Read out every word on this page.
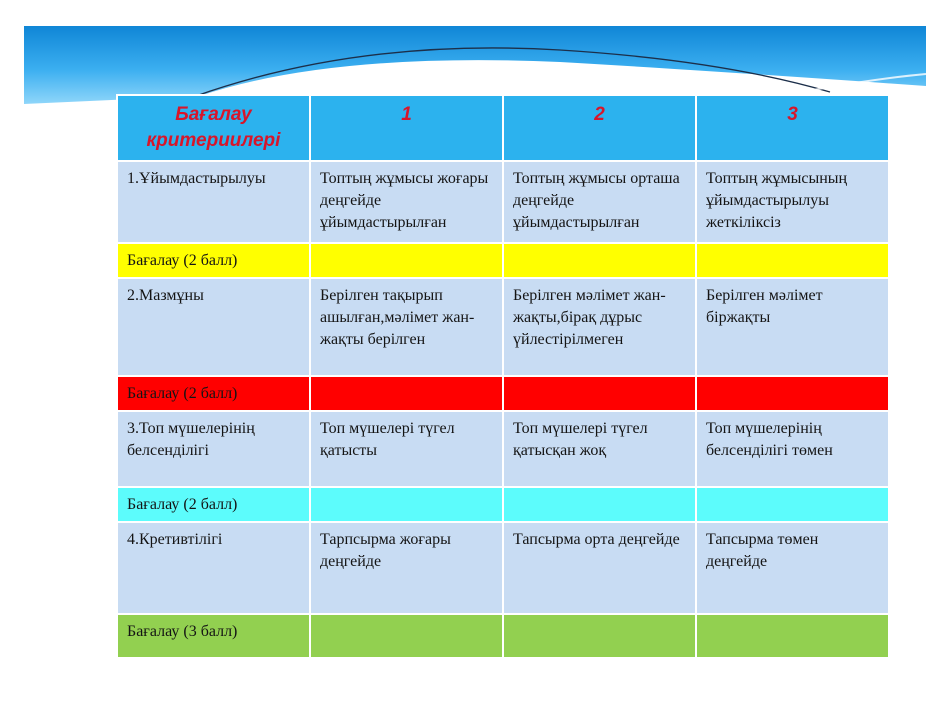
Бағалау критериилері	1	2	3
1.Ұйымдастырылуы	Топтың жұмысы жоғары деңгейде ұйымдастырылған	Топтың жұмысы орташа деңгейде ұйымдастырылған	Топтың жұмысының ұйымдастырылуы жеткіліксіз
Бағалау (2 балл)			
2.Мазмұны	Берілген тақырып ашылған,мәлімет жан-жақты берілген	Берілген мәлімет жан-жақты,бірақ дұрыс үйлестірілмеген	Берілген мәлімет біржақты
Бағалау (2 балл)			
3.Топ мүшелерінің белсенділігі	Топ мүшелері түгел қатысты	Топ мүшелері түгел қатысқан жоқ	Топ мүшелерінің белсенділігі төмен
Бағалау (2 балл)			
4.Кретивтілігі	Тарпсырма жоғары деңгейде	Тапсырма орта деңгейде	Тапсырма төмен деңгейде
Бағалау (3 балл)			
